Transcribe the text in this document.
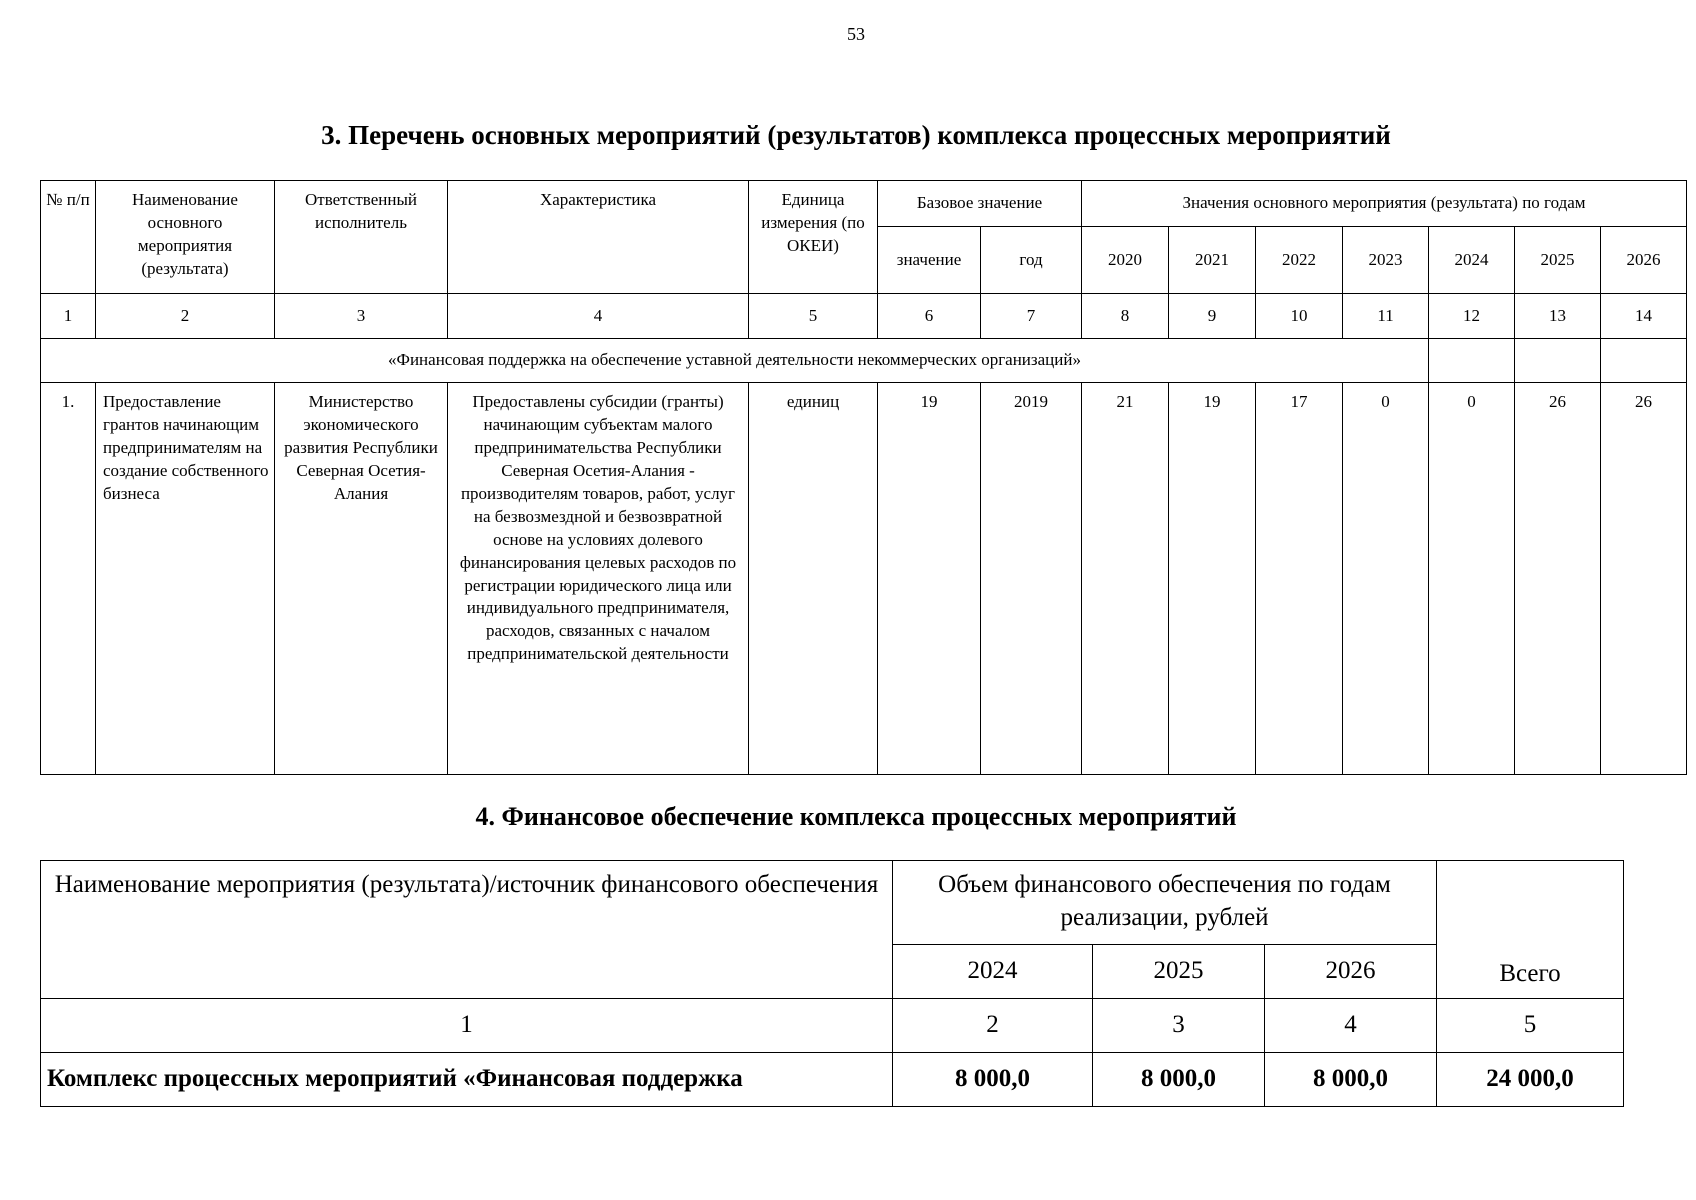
53
3. Перечень основных мероприятий (результатов) комплекса процессных мероприятий
№ п/п	Наименование основного мероприятия (результата)	Ответственный исполнитель	Характеристика	Единица измерения (по ОКЕИ)	Базовое значение		Значения основного мероприятия (результата) по годам						
					значение	год	2020	2021	2022	2023	2024	2025	2026
1	2	3	4	5	6	7	8	9	10	11	12	13	14
«Финансовая поддержка на обеспечение уставной деятельности некоммерческих организаций»													
1.	Предоставление грантов начинающим предпринимателям на создание собственного бизнеса	Министерство экономического развития Республики Северная Осетия-Алания	Предоставлены субсидии (гранты) начинающим субъектам малого предпринимательства Республики Северная Осетия-Алания - производителям товаров, работ, услуг на безвозмездной и безвозвратной основе на условиях долевого финансирования целевых расходов по регистрации юридического лица или индивидуального предпринимателя, расходов, связанных с началом предпринимательской деятельности	единиц	19	2019	21	19	17	0	0	26	26
4. Финансовое обеспечение комплекса процессных мероприятий
Наименование мероприятия (результата)/источник финансового обеспечения	Объем финансового обеспечения по годам реализации, рублей			Всего
	2024	2025	2026	
1	2	3	4	5
Комплекс процессных мероприятий «Финансовая поддержка	8 000,0	8 000,0	8 000,0	24 000,0
